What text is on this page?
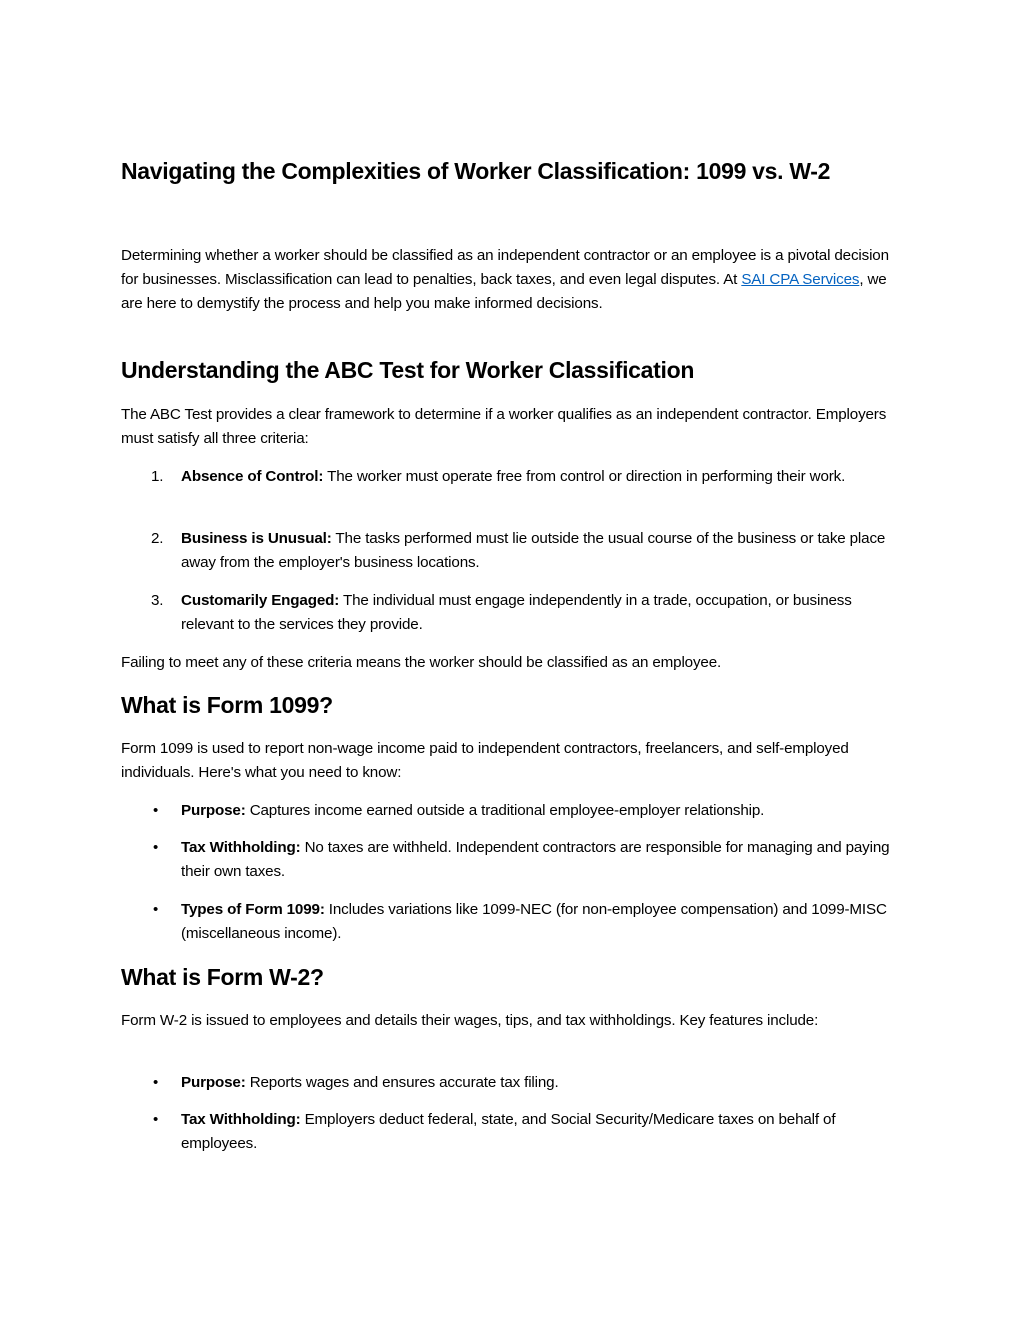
Navigating the Complexities of Worker Classification: 1099 vs. W-2

Determining whether a worker should be classified as an independent contractor or an employee is a pivotal decision for businesses. Misclassification can lead to penalties, back taxes, and even legal disputes. At SAI CPA Services, we are here to demystify the process and help you make informed decisions.

Understanding the ABC Test for Worker Classification

The ABC Test provides a clear framework to determine if a worker qualifies as an independent contractor. Employers must satisfy all three criteria:

1. Absence of Control: The worker must operate free from control or direction in performing their work.
2. Business is Unusual: The tasks performed must lie outside the usual course of the business or take place away from the employer's business locations.
3. Customarily Engaged: The individual must engage independently in a trade, occupation, or business relevant to the services they provide.

Failing to meet any of these criteria means the worker should be classified as an employee.

What is Form 1099?

Form 1099 is used to report non-wage income paid to independent contractors, freelancers, and self-employed individuals. Here's what you need to know:

• Purpose: Captures income earned outside a traditional employee-employer relationship.
• Tax Withholding: No taxes are withheld. Independent contractors are responsible for managing and paying their own taxes.
• Types of Form 1099: Includes variations like 1099-NEC (for non-employee compensation) and 1099-MISC (miscellaneous income).
What is Form W-2?

Form W-2 is issued to employees and details their wages, tips, and tax withholdings. Key features include:

• Purpose: Reports wages and ensures accurate tax filing.
• Tax Withholding: Employers deduct federal, state, and Social Security/Medicare taxes on behalf of employees.
